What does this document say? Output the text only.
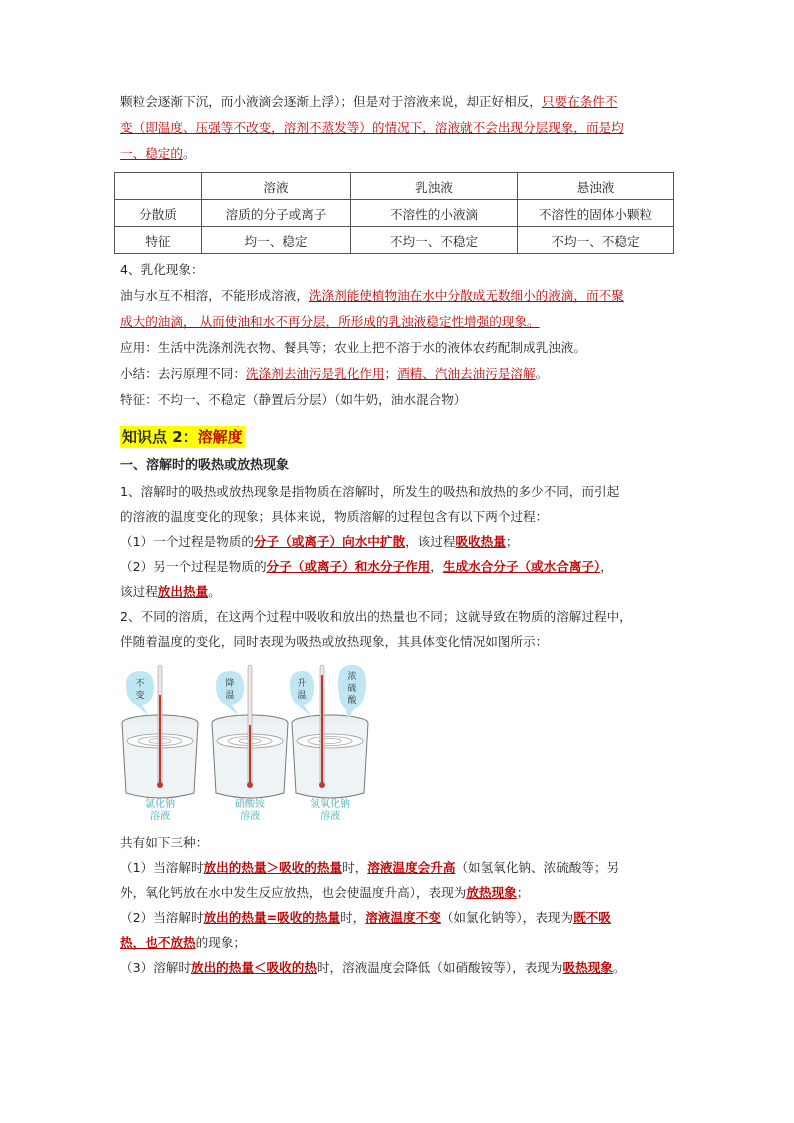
颗粒会逐渐下沉，而小液滴会逐渐上浮）；但是对于溶液来说，却正好相反，只要在条件不

变（即温度、压强等不改变，溶剂不蒸发等）的情况下，溶液就不会出现分层现象，而是均

一、稳定的。

	溶液	乳浊液	悬浊液
分散质	溶质的分子或离子	不溶性的小液滴	不溶性的固体小颗粒
特征	均一、稳定	不均一、不稳定	不均一、不稳定

4、乳化现象：

油与水互不相溶，不能形成溶液，洗涤剂能使植物油在水中分散成无数细小的液滴，而不聚

成大的油滴， 从而使油和水不再分层，所形成的乳浊液稳定性增强的现象。

应用：生活中洗涤剂洗衣物、餐具等；农业上把不溶于水的液体农药配制成乳浊液。

小结：去污原理不同：洗涤剂去油污是乳化作用；酒精、汽油去油污是溶解。

特征：不均一、不稳定（静置后分层）（如牛奶，油水混合物）

知识点 2：溶解度

一、溶解时的吸热或放热现象

1、溶解时的吸热或放热现象是指物质在溶解时，所发生的吸热和放热的多少不同，而引起

的溶液的温度变化的现象；具体来说，物质溶解的过程包含有以下两个过程：

（1）一个过程是物质的分子（或离子）向水中扩散，该过程吸收热量；

（2）另一个过程是物质的分子（或离子）和水分子作用，生成水合分子（或水合离子），

该过程放出热量。

2、不同的溶质，在这两个过程中吸收和放出的热量也不同；这就导致在物质的溶解过程中，

伴随着温度的变化，同时表现为吸热或放热现象，其具体变化情况如图所示：

不
变
氯化钠
溶液
降
温
硝酸铵
溶液
升
温
浓
硫
酸
氢氧化钠
溶液

共有如下三种：

（1）当溶解时放出的热量＞吸收的热量时，溶液温度会升高（如氢氧化钠、浓硫酸等；另

外，氧化钙放在水中发生反应放热，也会使温度升高），表现为放热现象；

（2）当溶解时放出的热量=吸收的热量时，溶液温度不变（如氯化钠等），表现为既不吸

热，也不放热的现象；

（3）溶解时放出的热量＜吸收的热时，溶液温度会降低（如硝酸铵等），表现为吸热现象。
